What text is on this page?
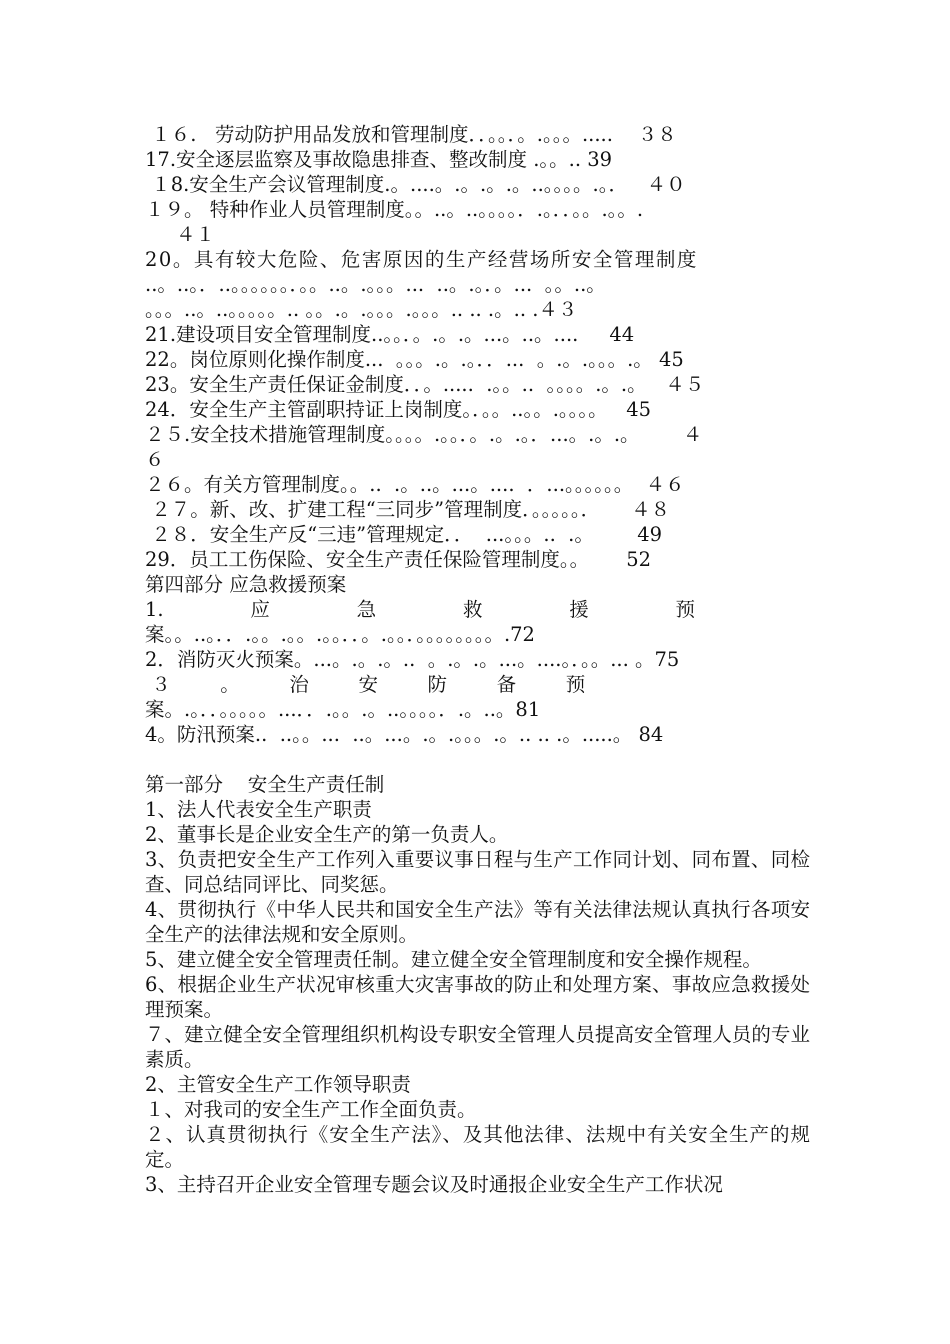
１６.   劳动防护用品发放和管理制度．．。。．。.。。。.....    ３８
17.安全逐层监察及事故隐患排查、整改制度 .。。.. 39
１8.安全生产会议管理制度.。....。.。.。.。..。。。。.。．   ４０
１９。 特种作业人员管理制度。。..。..。。。。．.。．．。。.。。.
４１
20。具有较大危险、危害原因的生产经营场所安全管理制度
..。..。．..。。。。。。．。。..。.。。。...  ..。.。．。...  。。..。
。。。..。..。。。。。.. 。。.。.。。。.。。。.. .. .。.. .４３
21.建设项目安全管理制度..。。．。.。.。...。..。....     44
22。岗位原则化操作制度...  。。。.。.。．．...  。.。.。。。.。 45
23。安全生产责任保证金制度．．。.....  .。。..  。。。。.。.。   ４５
24．安全生产主管副职持证上岗制度。．。。..。。.。。。。   45
２５.安全技术措施管理制度。。。。.。。．。.。.。．...。.。.。       ４
６
２６。有关方管理制度。。..  .。..。...。....  ．...。。。。。。  ４６
２７。新、改、扩建工程“三同步”管理制度．。。。。。．     ４８
２８．安全生产反“三违”管理规定．．  ...。。。..  .。       49
29．员工工伤保险、安全生产责任保险管理制度。。      52
第四部分 应急救援预案
1.              应              急              救              援              预
案。。..。．．.。。.。。.。。．．。.。。．。。。。。。。。.72
2．消防灭火预案。...。.。.。..  。.。.。...。....。．。。... 。75
３        。        治        安        防        备        预
案。.。．．。。。。。...．．.。。.。..。。。。．.。..。81
4。防汛预案..  ..。。...  ..。...。.。.。。。.。.. .. .。.....。 84
第一部分    安全生产责任制
1、法人代表安全生产职责
2、董事长是企业安全生产的第一负责人。
3、负责把安全生产工作列入重要议事日程与生产工作同计划、同布置、同检查、同总结同评比、同奖惩。
4、贯彻执行《中华人民共和国安全生产法》等有关法律法规认真执行各项安全生产的法律法规和安全原则。
5、建立健全安全管理责任制。建立健全安全管理制度和安全操作规程。
6、根据企业生产状况审核重大灾害事故的防止和处理方案、事故应急救援处理预案。
７、建立健全安全管理组织机构设专职安全管理人员提高安全管理人员的专业素质。
2、主管安全生产工作领导职责
１、对我司的安全生产工作全面负责。
２、认真贯彻执行《安全生产法》、及其他法律、法规中有关安全生产的规定。
3、主持召开企业安全管理专题会议及时通报企业安全生产工作状况
